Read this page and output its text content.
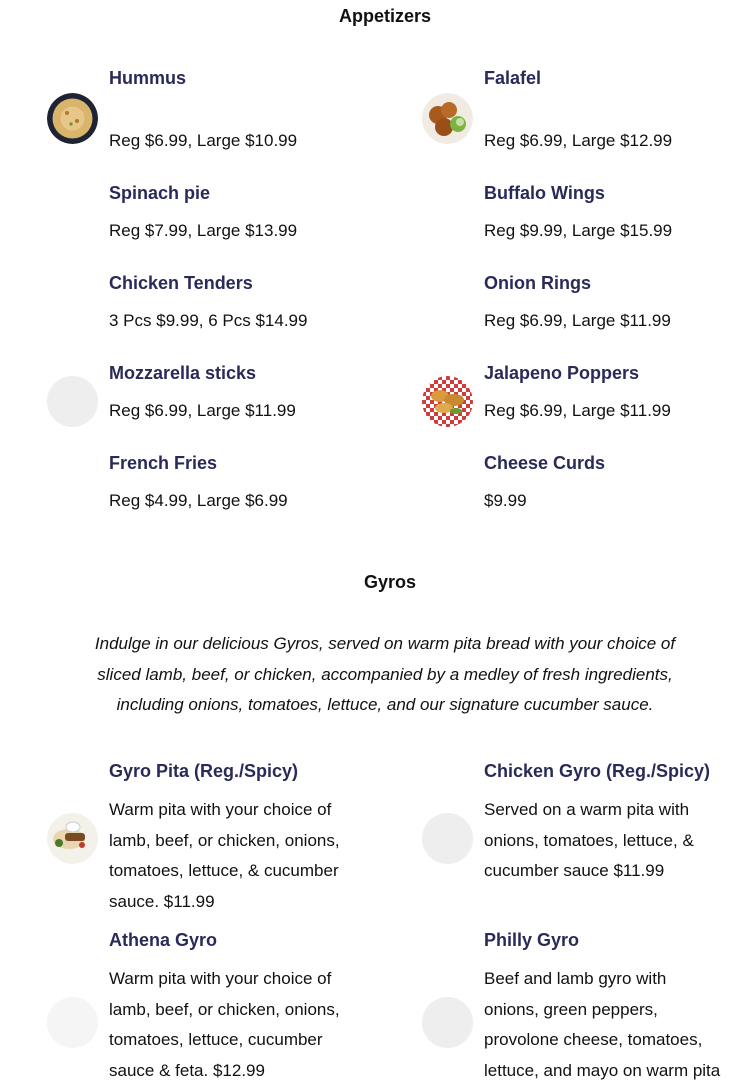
Appetizers
Hummus
Reg $6.99, Large $10.99
Falafel
Reg $6.99, Large $12.99
Spinach pie
Reg $7.99, Large $13.99
Buffalo Wings
Reg $9.99, Large $15.99
Chicken Tenders
3 Pcs $9.99, 6 Pcs $14.99
Onion Rings
Reg $6.99, Large $11.99
Mozzarella sticks
Reg $6.99, Large $11.99
Jalapeno Poppers
Reg $6.99, Large $11.99
French Fries
Reg $4.99, Large $6.99
Cheese Curds
$9.99
Gyros
Indulge in our delicious Gyros, served on warm pita bread with your choice of sliced lamb, beef, or chicken, accompanied by a medley of fresh ingredients, including onions, tomatoes, lettuce, and our signature cucumber sauce.
Gyro Pita (Reg./Spicy)
Warm pita with your choice of lamb, beef, or chicken, onions, tomatoes, lettuce, & cucumber sauce. $11.99
Chicken Gyro (Reg./Spicy)
Served on a warm pita with onions, tomatoes, lettuce, & cucumber sauce $11.99
Athena Gyro
Warm pita with your choice of lamb, beef, or chicken, onions, tomatoes, lettuce, cucumber sauce & feta. $12.99
Philly Gyro
Beef and lamb gyro with onions, green peppers, provolone cheese, tomatoes, lettuce, and mayo on warm pita
